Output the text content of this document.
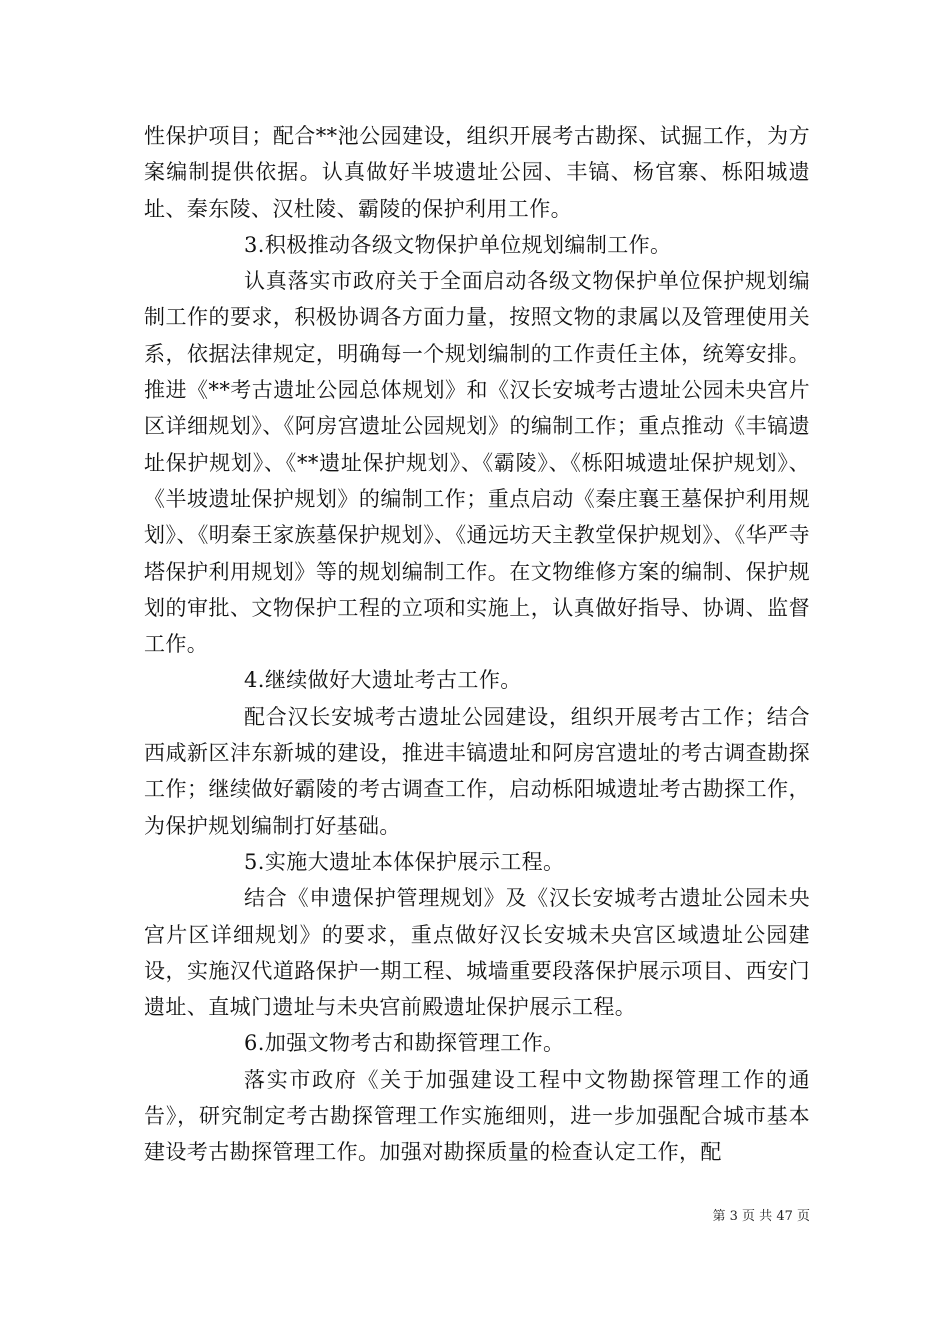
性保护项目；配合**池公园建设，组织开展考古勘探、试掘工作，为方案编制提供依据。认真做好半坡遗址公园、丰镐、杨官寨、栎阳城遗址、秦东陵、汉杜陵、霸陵的保护利用工作。

3.积极推动各级文物保护单位规划编制工作。

认真落实市政府关于全面启动各级文物保护单位保护规划编制工作的要求，积极协调各方面力量，按照文物的隶属以及管理使用关系，依据法律规定，明确每一个规划编制的工作责任主体，统筹安排。推进《**考古遗址公园总体规划》和《汉长安城考古遗址公园未央宫片区详细规划》、《阿房宫遗址公园规划》的编制工作；重点推动《丰镐遗址保护规划》、《**遗址保护规划》、《霸陵》、《栎阳城遗址保护规划》、《半坡遗址保护规划》的编制工作；重点启动《秦庄襄王墓保护利用规划》、《明秦王家族墓保护规划》、《通远坊天主教堂保护规划》、《华严寺塔保护利用规划》等的规划编制工作。在文物维修方案的编制、保护规划的审批、文物保护工程的立项和实施上，认真做好指导、协调、监督工作。

4.继续做好大遗址考古工作。

配合汉长安城考古遗址公园建设，组织开展考古工作；结合西咸新区沣东新城的建设，推进丰镐遗址和阿房宫遗址的考古调查勘探工作；继续做好霸陵的考古调查工作，启动栎阳城遗址考古勘探工作，为保护规划编制打好基础。

5.实施大遗址本体保护展示工程。

结合《申遗保护管理规划》及《汉长安城考古遗址公园未央宫片区详细规划》的要求，重点做好汉长安城未央宫区域遗址公园建设，实施汉代道路保护一期工程、城墙重要段落保护展示项目、西安门遗址、直城门遗址与未央宫前殿遗址保护展示工程。

6.加强文物考古和勘探管理工作。

落实市政府《关于加强建设工程中文物勘探管理工作的通告》，研究制定考古勘探管理工作实施细则，进一步加强配合城市基本建设考古勘探管理工作。加强对勘探质量的检查认定工作，配

第 3 页 共 47 页
